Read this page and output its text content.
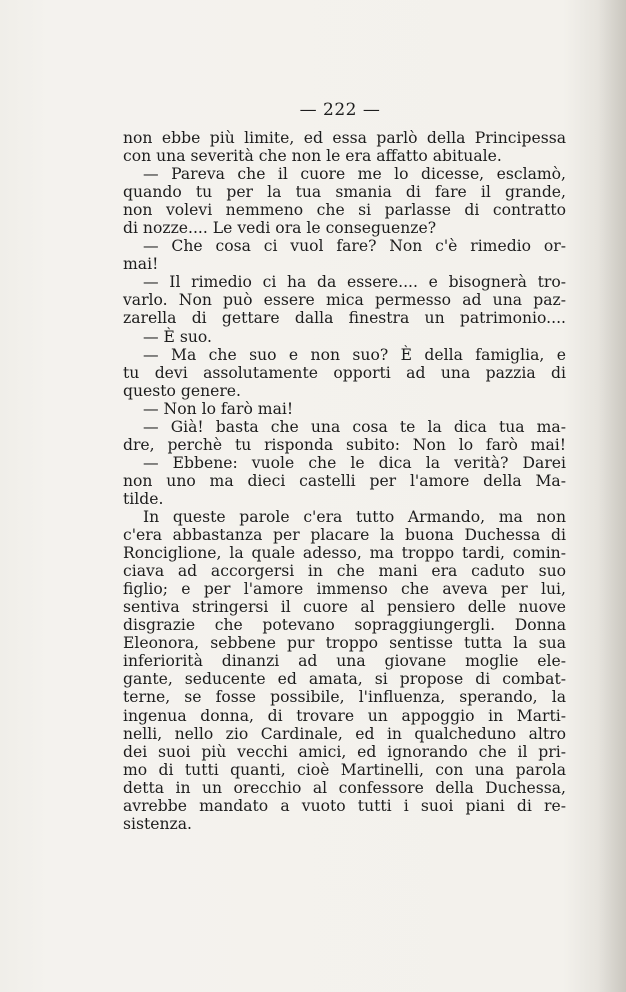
— 222 —
non ebbe più limite, ed essa parlò della Principessa
con una severità che non le era affatto abituale.
— Pareva che il cuore me lo dicesse, esclamò,
quando tu per la tua smania di fare il grande,
non volevi nemmeno che si parlasse di contratto
di nozze.... Le vedi ora le conseguenze?
— Che cosa ci vuol fare? Non c'è rimedio or-
mai!
— Il rimedio ci ha da essere.... e bisognerà tro-
varlo. Non può essere mica permesso ad una paz-
zarella di gettare dalla finestra un patrimonio....
— È suo.
— Ma che suo e non suo? È della famiglia, e
tu devi assolutamente opporti ad una pazzia di
questo genere.
— Non lo farò mai!
— Già! basta che una cosa te la dica tua ma-
dre, perchè tu risponda subito: Non lo farò mai!
— Ebbene: vuole che le dica la verità? Darei
non uno ma dieci castelli per l'amore della Ma-
tilde.
In queste parole c'era tutto Armando, ma non
c'era abbastanza per placare la buona Duchessa di
Ronciglione, la quale adesso, ma troppo tardi, comin-
ciava ad accorgersi in che mani era caduto suo
figlio; e per l'amore immenso che aveva per lui,
sentiva stringersi il cuore al pensiero delle nuove
disgrazie che potevano sopraggiungergli. Donna
Eleonora, sebbene pur troppo sentisse tutta la sua
inferiorità dinanzi ad una giovane moglie ele-
gante, seducente ed amata, si propose di combat-
terne, se fosse possibile, l'influenza, sperando, la
ingenua donna, di trovare un appoggio in Marti-
nelli, nello zio Cardinale, ed in qualcheduno altro
dei suoi più vecchi amici, ed ignorando che il pri-
mo di tutti quanti, cioè Martinelli, con una parola
detta in un orecchio al confessore della Duchessa,
avrebbe mandato a vuoto tutti i suoi piani di re-
sistenza.
